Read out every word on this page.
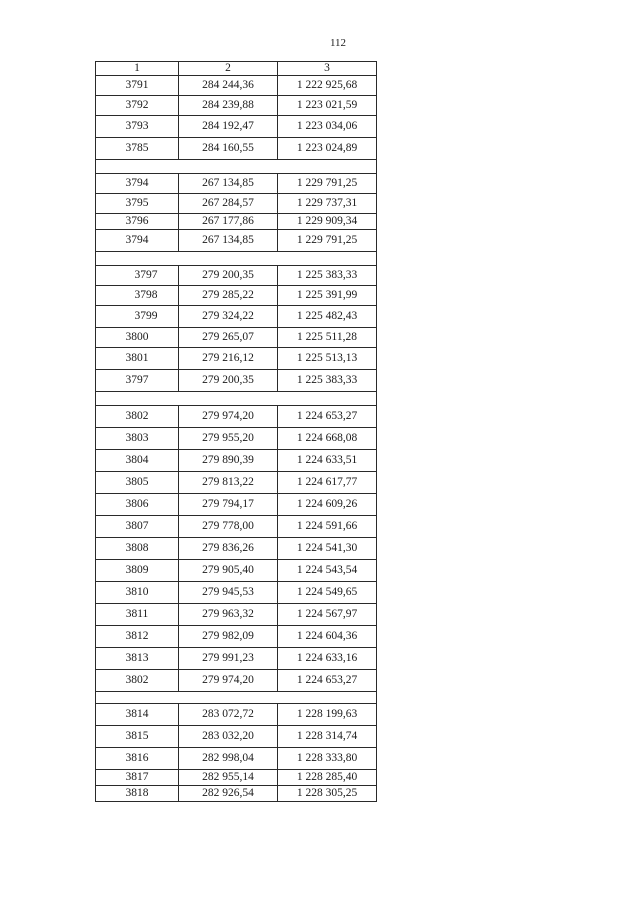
112
1	2	3
3791	284 244,36	1 222 925,68
3792	284 239,88	1 223 021,59
3793	284 192,47	1 223 034,06
3785	284 160,55	1 223 024,89

3794	267 134,85	1 229 791,25
3795	267 284,57	1 229 737,31
3796	267 177,86	1 229 909,34
3794	267 134,85	1 229 791,25

3797	279 200,35	1 225 383,33
3798	279 285,22	1 225 391,99
3799	279 324,22	1 225 482,43
3800	279 265,07	1 225 511,28
3801	279 216,12	1 225 513,13
3797	279 200,35	1 225 383,33

3802	279 974,20	1 224 653,27
3803	279 955,20	1 224 668,08
3804	279 890,39	1 224 633,51
3805	279 813,22	1 224 617,77
3806	279 794,17	1 224 609,26
3807	279 778,00	1 224 591,66
3808	279 836,26	1 224 541,30
3809	279 905,40	1 224 543,54
3810	279 945,53	1 224 549,65
3811	279 963,32	1 224 567,97
3812	279 982,09	1 224 604,36
3813	279 991,23	1 224 633,16
3802	279 974,20	1 224 653,27

3814	283 072,72	1 228 199,63
3815	283 032,20	1 228 314,74
3816	282 998,04	1 228 333,80
3817	282 955,14	1 228 285,40
3818	282 926,54	1 228 305,25
